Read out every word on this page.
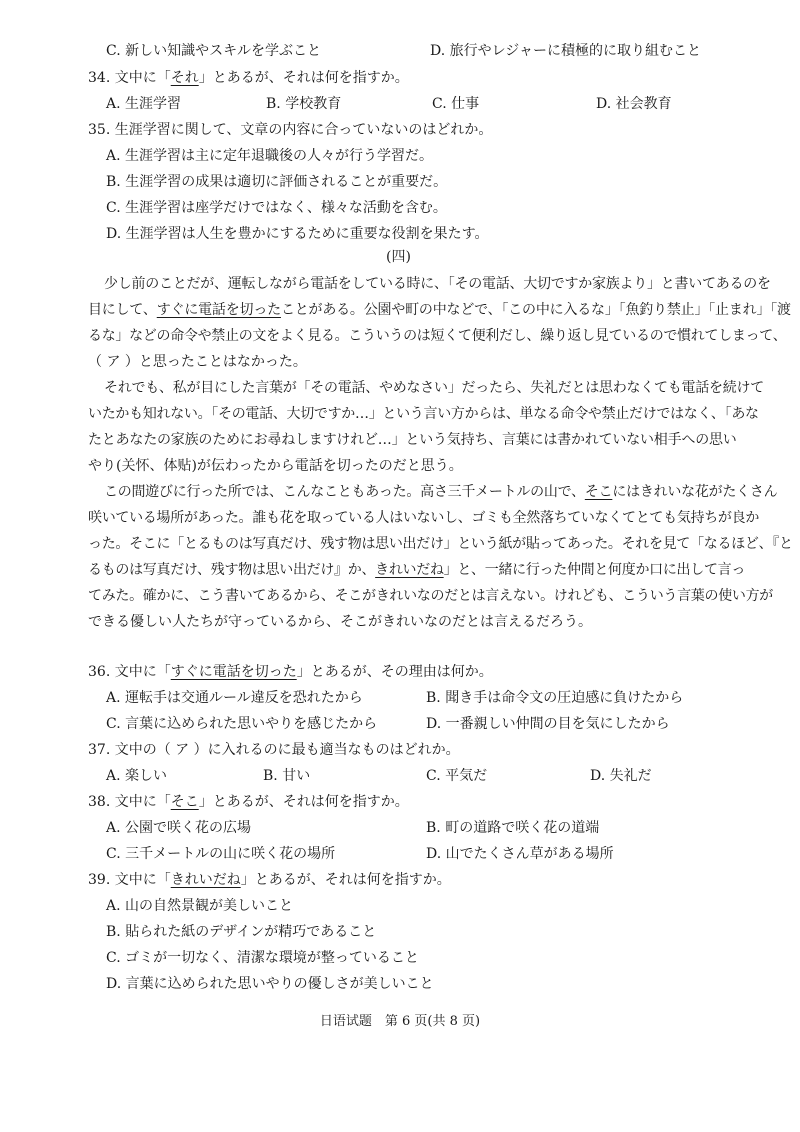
C. 新しい知識やスキルを学ぶこと	D. 旅行やレジャーに積極的に取り組むこと
34. 文中に「それ」とあるが、それは何を指すか。
A. 生涯学習	B. 学校教育	C. 仕事	D. 社会教育
35. 生涯学習に関して、文章の内容に合っていないのはどれか。
A. 生涯学習は主に定年退職後の人々が行う学習だ。
B. 生涯学習の成果は適切に評価されることが重要だ。
C. 生涯学習は座学だけではなく、様々な活動を含む。
D. 生涯学習は人生を豊かにするために重要な役割を果たす。
(四)
少し前のことだが、運転しながら電話をしている時に、「その電話、大切ですか家族より」と書いてあるのを
目にして、すぐに電話を切ったことがある。公園や町の中などで、「この中に入るな」「魚釣り禁止」「止まれ」「渡
るな」などの命令や禁止の文をよく見る。こういうのは短くて便利だし、繰り返し見ているので慣れてしまって、
（ ア ）と思ったことはなかった。
それでも、私が目にした言葉が「その電話、やめなさい」だったら、失礼だとは思わなくても電話を続けて
いたかも知れない。「その電話、大切ですか…」という言い方からは、単なる命令や禁止だけではなく、「あな
たとあなたの家族のためにお尋ねしますけれど…」という気持ち、言葉には書かれていない相手への思い
やり(关怀、体贴)が伝わったから電話を切ったのだと思う。
この間遊びに行った所では、こんなこともあった。高さ三千メートルの山で、そこにはきれいな花がたくさん
咲いている場所があった。誰も花を取っている人はいないし、ゴミも全然落ちていなくてとても気持ちが良か
った。そこに「とるものは写真だけ、残す物は思い出だけ」という紙が貼ってあった。それを見て「なるほど、『と
るものは写真だけ、残す物は思い出だけ』か、きれいだね」と、一緒に行った仲間と何度か口に出して言っ
てみた。確かに、こう書いてあるから、そこがきれいなのだとは言えない。けれども、こういう言葉の使い方が
できる優しい人たちが守っているから、そこがきれいなのだとは言えるだろう。
36. 文中に「すぐに電話を切った」とあるが、その理由は何か。
A. 運転手は交通ルール違反を恐れたから	B. 聞き手は命令文の圧迫感に負けたから
C. 言葉に込められた思いやりを感じたから	D. 一番親しい仲間の目を気にしたから
37. 文中の（ ア ）に入れるのに最も適当なものはどれか。
A. 楽しい	B. 甘い	C. 平気だ	D. 失礼だ
38. 文中に「そこ」とあるが、それは何を指すか。
A. 公園で咲く花の広場	B. 町の道路で咲く花の道端
C. 三千メートルの山に咲く花の場所	D. 山でたくさん草がある場所
39. 文中に「きれいだね」とあるが、それは何を指すか。
A. 山の自然景観が美しいこと
B. 貼られた紙のデザインが精巧であること
C. ゴミが一切なく、清潔な環境が整っていること
D. 言葉に込められた思いやりの優しさが美しいこと
日语试题　第 6 页(共 8 页)
